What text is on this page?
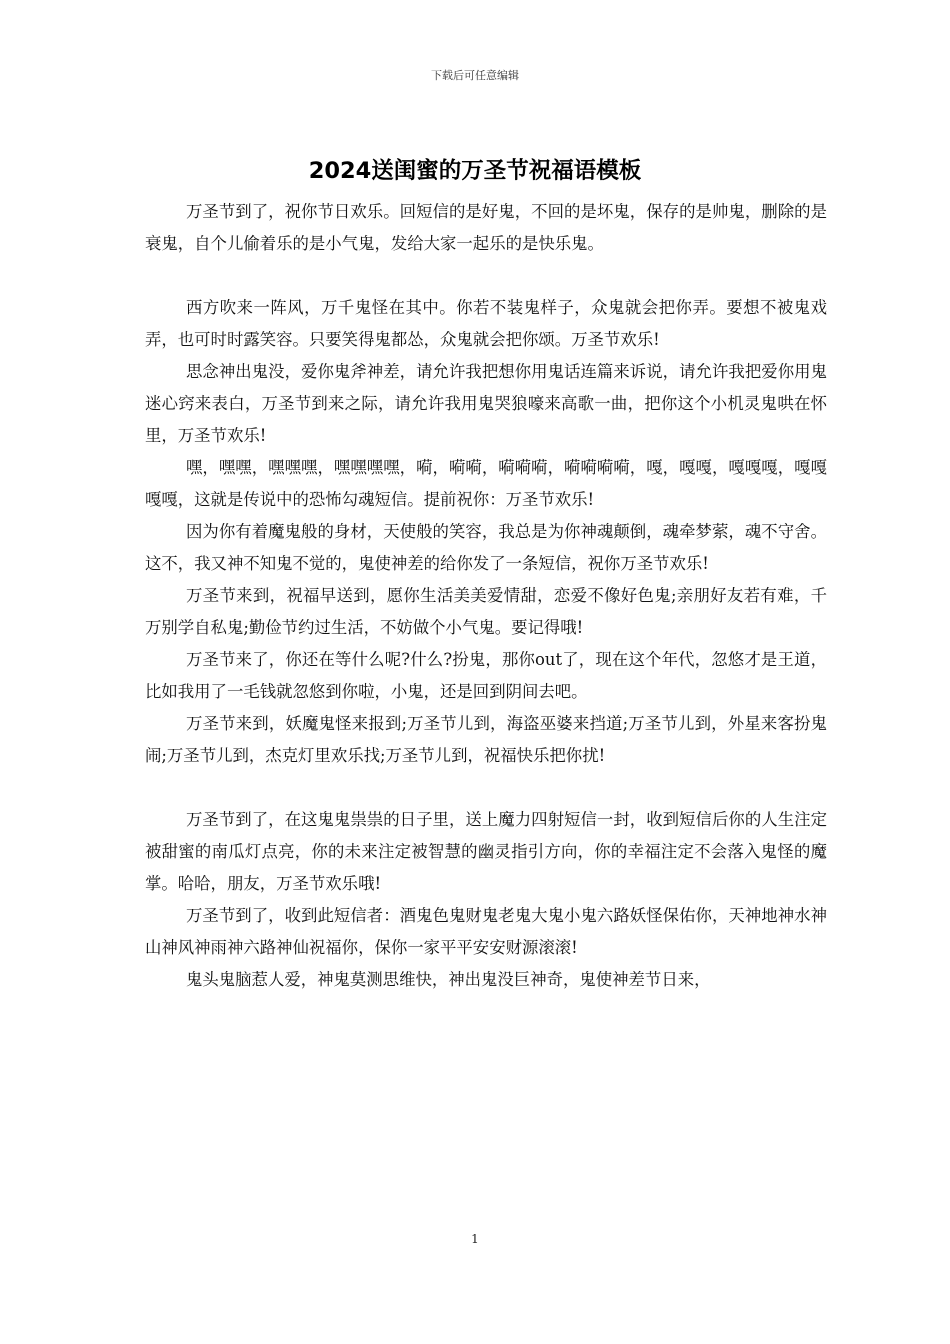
下载后可任意编辑
2024送闺蜜的万圣节祝福语模板

万圣节到了，祝你节日欢乐。回短信的是好鬼，不回的是坏鬼，保存的是帅鬼，删除的是衰鬼，自个儿偷着乐的是小气鬼，发给大家一起乐的是快乐鬼。

西方吹来一阵风，万千鬼怪在其中。你若不装鬼样子，众鬼就会把你弄。要想不被鬼戏弄，也可时时露笑容。只要笑得鬼都怂，众鬼就会把你颂。万圣节欢乐!

思念神出鬼没，爱你鬼斧神差，请允许我把想你用鬼话连篇来诉说，请允许我把爱你用鬼迷心窍来表白，万圣节到来之际，请允许我用鬼哭狼嚎来高歌一曲，把你这个小机灵鬼哄在怀里，万圣节欢乐!

嘿，嘿嘿，嘿嘿嘿，嘿嘿嘿嘿，嗬，嗬嗬，嗬嗬嗬，嗬嗬嗬嗬，嘎，嘎嘎，嘎嘎嘎，嘎嘎嘎嘎，这就是传说中的恐怖勾魂短信。提前祝你：万圣节欢乐!

因为你有着魔鬼般的身材，天使般的笑容，我总是为你神魂颠倒，魂牵梦萦，魂不守舍。这不，我又神不知鬼不觉的，鬼使神差的给你发了一条短信，祝你万圣节欢乐!

万圣节来到，祝福早送到，愿你生活美美爱情甜，恋爱不像好色鬼;亲朋好友若有难，千万别学自私鬼;勤俭节约过生活，不妨做个小气鬼。要记得哦!

万圣节来了，你还在等什么呢?什么?扮鬼，那你out了，现在这个年代，忽悠才是王道，比如我用了一毛钱就忽悠到你啦，小鬼，还是回到阴间去吧。

万圣节来到，妖魔鬼怪来报到;万圣节儿到，海盗巫婆来挡道;万圣节儿到，外星来客扮鬼闹;万圣节儿到，杰克灯里欢乐找;万圣节儿到，祝福快乐把你扰!

万圣节到了，在这鬼鬼祟祟的日子里，送上魔力四射短信一封，收到短信后你的人生注定被甜蜜的南瓜灯点亮，你的未来注定被智慧的幽灵指引方向，你的幸福注定不会落入鬼怪的魔掌。哈哈，朋友，万圣节欢乐哦!

万圣节到了，收到此短信者：酒鬼色鬼财鬼老鬼大鬼小鬼六路妖怪保佑你，天神地神水神山神风神雨神六路神仙祝福你，保你一家平平安安财源滚滚!

鬼头鬼脑惹人爱，神鬼莫测思维快，神出鬼没巨神奇，鬼使神差节日来，

1
